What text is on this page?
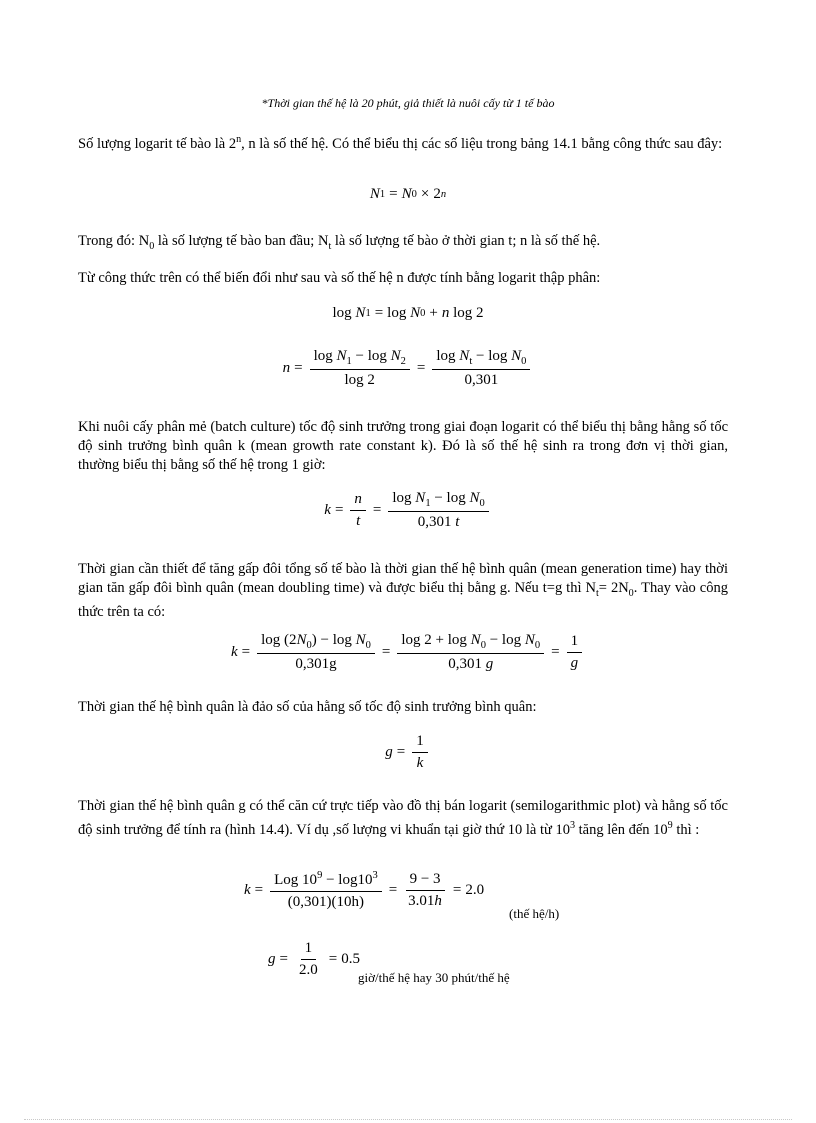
*Thời gian thế hệ là 20 phút, giả thiết là nuôi cấy từ 1 tế bào

Số lượng logarit tế bào là 2$^n$, n là số thế hệ. Có thể biểu thị các số liệu trong bảng 14.1 bằng công thức sau đây:

N 1 = N 0 × 2 n

Trong đó: $N_0$ là số lượng tế bào ban đầu; $N_t$ là số lượng tế bào ở thời gian t; n là số thế hệ.

Từ công thức trên có thể biến đổi như sau và số thế hệ n được tính bằng logarit thập phân:

log N 1 = log N 0 + n log 2
$n = \frac{\log N_1 - \log N_2}{\log 2} = \frac{\log N_t - \log N_0}{0,301}$

Khi nuôi cấy phân mẻ (batch culture) tốc độ sinh trưởng trong giai đoạn logarit có thể biểu thị bằng hằng số tốc độ sinh trưởng bình quân k (mean growth rate constant k). Đó là số thế hệ sinh ra trong đơn vị thời gian, thường biểu thị bằng số thế hệ trong 1 giờ:

$k = \frac{n}{t} = \frac{\log N_1 - \log N_0}{0,301 t}$

Thời gian cần thiết để tăng gấp đôi tổng số tế bào là thời gian thế hệ bình quân (mean generation time) hay thời gian tăn gấp đôi bình quân (mean doubling time) và được biểu thị bằng g. Nếu t=g thì $N_t= 2N_0$. Thay vào công thức trên ta có:

$k = \frac{\log (2N_0) - \log N_0}{0,301g} = \frac{\log 2 + \log N_0 - \log N_0}{0,301 g} = \frac{1}{g}$

Thời gian thế hệ bình quân là đảo số của hằng số tốc độ sinh trưởng bình quân:

$g = \frac{1}{k}$

Thời gian thế hệ bình quân g có thể căn cứ trực tiếp vào đồ thị bán logarit (semilogarithmic plot) và hằng số tốc độ sinh trưởng để tính ra (hình 14.4). Ví dụ ,số lượng vi khuẩn tại giờ thứ 10 là từ $10^3$ tăng lên đến $10^9$ thì :

$k = \frac{Log 10^9 - \log 10^3}{(0,301)(10h)} = \frac{9 - 3}{3.01h} = 2.0$
(thế hệ/h)
$g = \frac{1}{2.0} = 0.5$
giờ/thế hệ hay 30 phút/thế hệ
